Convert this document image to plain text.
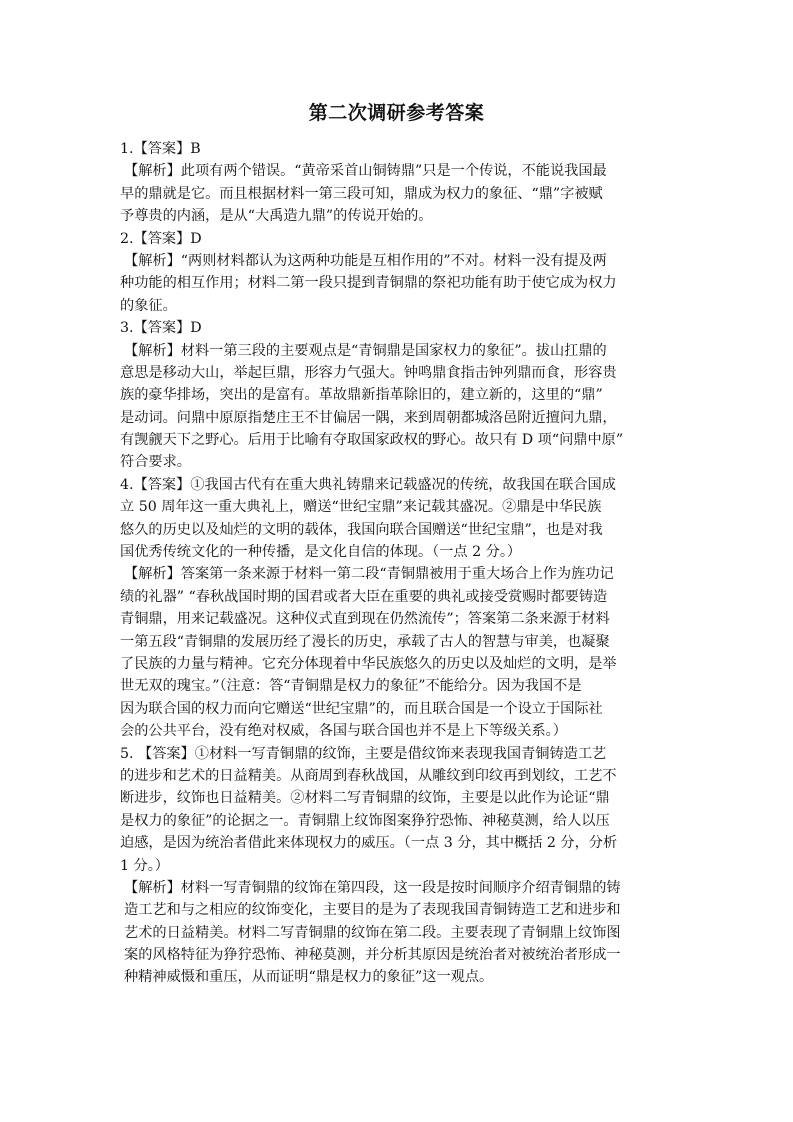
第二次调研参考答案
1.【答案】B
【解析】此项有两个错误。“黄帝采首山铜铸鼎”只是一个传说，不能说我国最
早的鼎就是它。而且根据材料一第三段可知，鼎成为权力的象征、“鼎”字被赋
予尊贵的内涵，是从“大禹造九鼎”的传说开始的。
2.【答案】D
【解析】“两则材料都认为这两种功能是互相作用的”不对。材料一没有提及两
种功能的相互作用；材料二第一段只提到青铜鼎的祭祀功能有助于使它成为权力
的象征。
3.【答案】D
【解析】材料一第三段的主要观点是“青铜鼎是国家权力的象征”。拔山扛鼎的
意思是移动大山，举起巨鼎，形容力气强大。钟鸣鼎食指击钟列鼎而食，形容贵
族的豪华排场，突出的是富有。革故鼎新指革除旧的，建立新的，这里的“鼎”
是动词。问鼎中原原指楚庄王不甘偏居一隅，来到周朝都城洛邑附近擅问九鼎，
有觊觎天下之野心。后用于比喻有夺取国家政权的野心。故只有 D 项“问鼎中原”
符合要求。
4.【答案】①我国古代有在重大典礼铸鼎来记载盛况的传统，故我国在联合国成
立 50 周年这一重大典礼上，赠送“世纪宝鼎”来记载其盛况。②鼎是中华民族
悠久的历史以及灿烂的文明的载体，我国向联合国赠送“世纪宝鼎”，也是对我
国优秀传统文化的一种传播，是文化自信的体现。（一点 2 分。）
【解析】答案第一条来源于材料一第二段“青铜鼎被用于重大场合上作为旌功记
绩的礼器” “春秋战国时期的国君或者大臣在重要的典礼或接受赏赐时都要铸造
青铜鼎，用来记载盛况。这种仪式直到现在仍然流传”；答案第二条来源于材料
一第五段“青铜鼎的发展历经了漫长的历史，承载了古人的智慧与审美，也凝聚
了民族的力量与精神。它充分体现着中华民族悠久的历史以及灿烂的文明，是举
世无双的瑰宝。”（注意：答“青铜鼎是权力的象征”不能给分。因为我国不是
因为联合国的权力而向它赠送“世纪宝鼎”的，而且联合国是一个设立于国际社
会的公共平台，没有绝对权威，各国与联合国也并不是上下等级关系。）
5. 【答案】①材料一写青铜鼎的纹饰，主要是借纹饰来表现我国青铜铸造工艺
的进步和艺术的日益精美。从商周到春秋战国，从雕纹到印纹再到划纹，工艺不
断进步，纹饰也日益精美。②材料二写青铜鼎的纹饰，主要是以此作为论证“鼎
是权力的象征”的论据之一。青铜鼎上纹饰图案狰狞恐怖、神秘莫测，给人以压
迫感，是因为统治者借此来体现权力的威压。（一点 3 分，其中概括 2 分，分析
1 分。）
【解析】材料一写青铜鼎的纹饰在第四段，这一段是按时间顺序介绍青铜鼎的铸
造工艺和与之相应的纹饰变化，主要目的是为了表现我国青铜铸造工艺和进步和
艺术的日益精美。材料二写青铜鼎的纹饰在第二段。主要表现了青铜鼎上纹饰图
案的风格特征为狰狞恐怖、神秘莫测，并分析其原因是统治者对被统治者形成一
种精神威慑和重压，从而证明“鼎是权力的象征”这一观点。
